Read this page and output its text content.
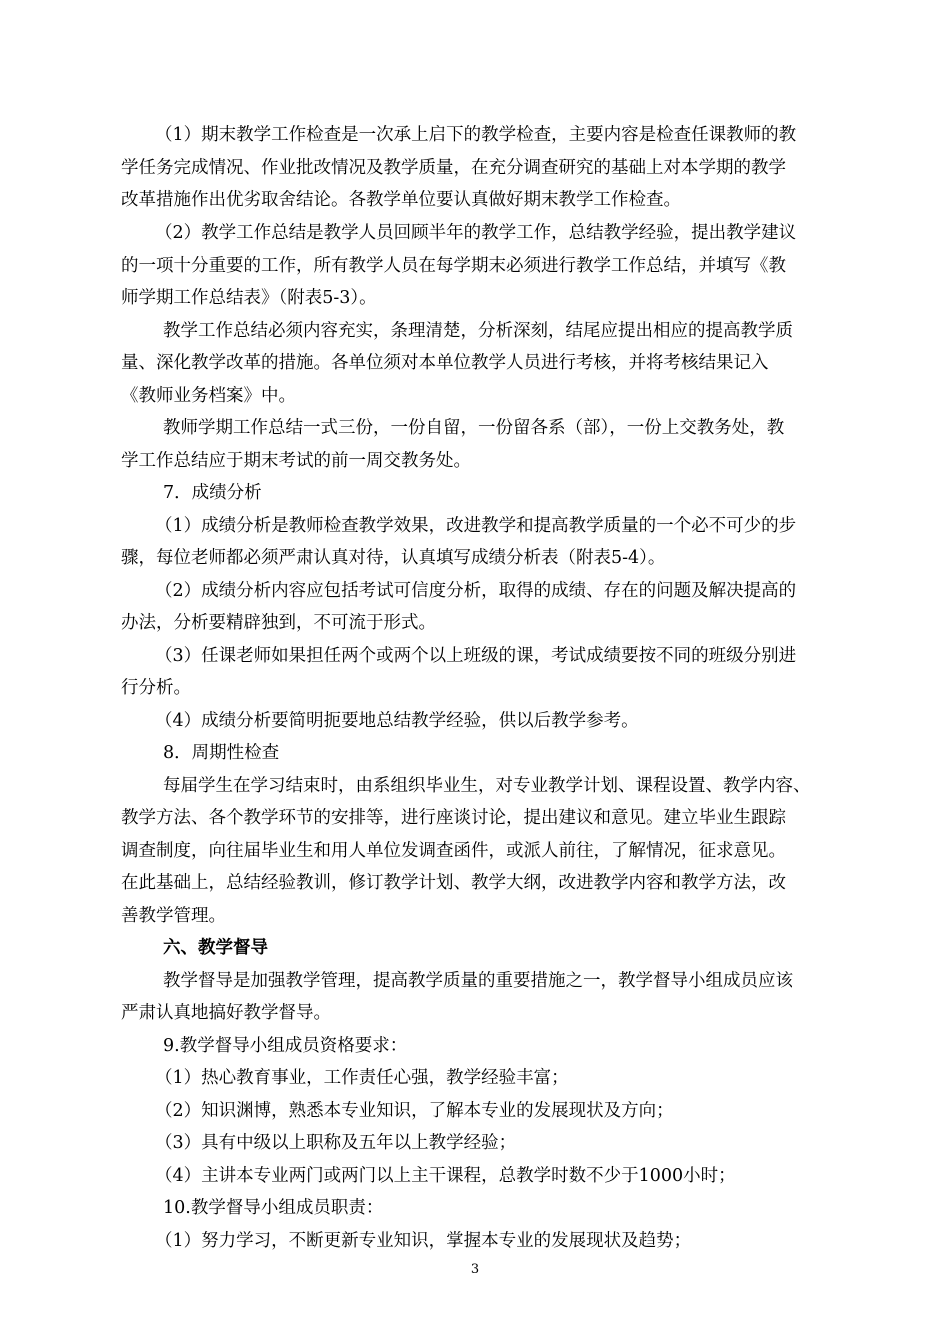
（1）期末教学工作检查是一次承上启下的教学检查，主要内容是检查任课教师的教
学任务完成情况、作业批改情况及教学质量，在充分调查研究的基础上对本学期的教学
改革措施作出优劣取舍结论。各教学单位要认真做好期末教学工作检查。
（2）教学工作总结是教学人员回顾半年的教学工作，总结教学经验，提出教学建议
的一项十分重要的工作，所有教学人员在每学期末必须进行教学工作总结，并填写《教
师学期工作总结表》（附表5-3）。
教学工作总结必须内容充实，条理清楚，分析深刻，结尾应提出相应的提高教学质
量、深化教学改革的措施。各单位须对本单位教学人员进行考核，并将考核结果记入
《教师业务档案》中。
教师学期工作总结一式三份，一份自留，一份留各系（部），一份上交教务处，教
学工作总结应于期末考试的前一周交教务处。
7．成绩分析
（1）成绩分析是教师检查教学效果，改进教学和提高教学质量的一个必不可少的步
骤，每位老师都必须严肃认真对待，认真填写成绩分析表（附表5-4）。
（2）成绩分析内容应包括考试可信度分析，取得的成绩、存在的问题及解决提高的
办法，分析要精辟独到，不可流于形式。
（3）任课老师如果担任两个或两个以上班级的课，考试成绩要按不同的班级分别进
行分析。
（4）成绩分析要简明扼要地总结教学经验，供以后教学参考。
8．周期性检查
每届学生在学习结束时，由系组织毕业生，对专业教学计划、课程设置、教学内容、
教学方法、各个教学环节的安排等，进行座谈讨论，提出建议和意见。建立毕业生跟踪
调查制度，向往届毕业生和用人单位发调查函件，或派人前往，了解情况，征求意见。
在此基础上，总结经验教训，修订教学计划、教学大纲，改进教学内容和教学方法，改
善教学管理。
六、教学督导
教学督导是加强教学管理，提高教学质量的重要措施之一，教学督导小组成员应该
严肃认真地搞好教学督导。
9.教学督导小组成员资格要求：
（1）热心教育事业，工作责任心强，教学经验丰富；
（2）知识渊博，熟悉本专业知识，了解本专业的发展现状及方向；
（3）具有中级以上职称及五年以上教学经验；
（4）主讲本专业两门或两门以上主干课程，总教学时数不少于1000小时；
10.教学督导小组成员职责：
（1）努力学习，不断更新专业知识，掌握本专业的发展现状及趋势；
3
